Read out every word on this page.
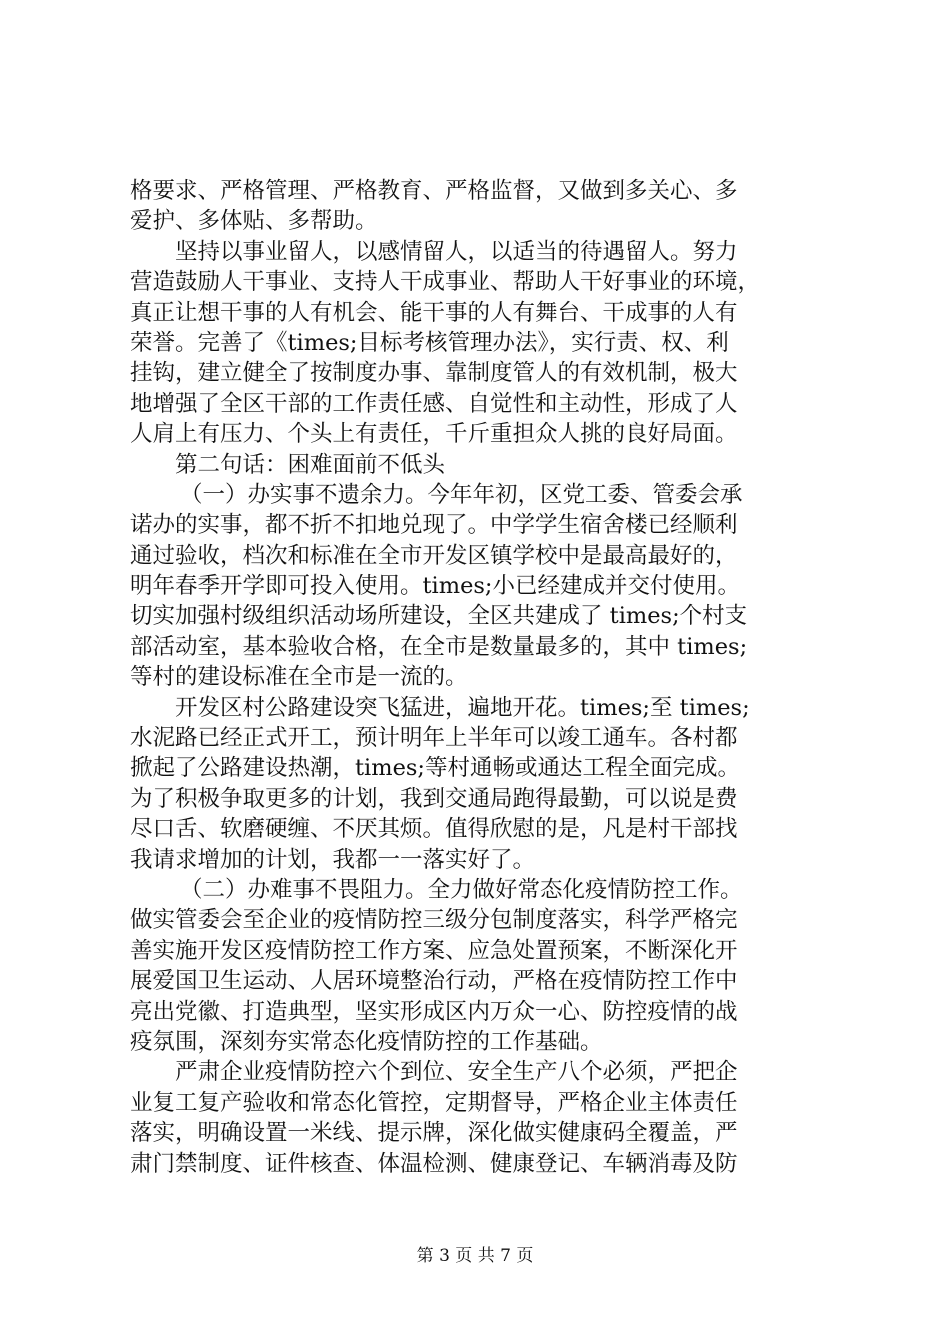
格要求、严格管理、严格教育、严格监督，又做到多关心、多
爱护、多体贴、多帮助。
坚持以事业留人，以感情留人，以适当的待遇留人。努力
营造鼓励人干事业、支持人干成事业、帮助人干好事业的环境，
真正让想干事的人有机会、能干事的人有舞台、干成事的人有
荣誉。完善了《times;目标考核管理办法》，实行责、权、利
挂钩，建立健全了按制度办事、靠制度管人的有效机制，极大
地增强了全区干部的工作责任感、自觉性和主动性，形成了人
人肩上有压力、个头上有责任，千斤重担众人挑的良好局面。
第二句话：困难面前不低头
（一）办实事不遗余力。今年年初，区党工委、管委会承
诺办的实事，都不折不扣地兑现了。中学学生宿舍楼已经顺利
通过验收，档次和标准在全市开发区镇学校中是最高最好的，
明年春季开学即可投入使用。times;小已经建成并交付使用。
切实加强村级组织活动场所建设，全区共建成了 times;个村支
部活动室，基本验收合格，在全市是数量最多的，其中 times;
等村的建设标准在全市是一流的。
开发区村公路建设突飞猛进，遍地开花。times;至 times;
水泥路已经正式开工，预计明年上半年可以竣工通车。各村都
掀起了公路建设热潮，times;等村通畅或通达工程全面完成。
为了积极争取更多的计划，我到交通局跑得最勤，可以说是费
尽口舌、软磨硬缠、不厌其烦。值得欣慰的是，凡是村干部找
我请求增加的计划，我都一一落实好了。
（二）办难事不畏阻力。全力做好常态化疫情防控工作。
做实管委会至企业的疫情防控三级分包制度落实，科学严格完
善实施开发区疫情防控工作方案、应急处置预案，不断深化开
展爱国卫生运动、人居环境整治行动，严格在疫情防控工作中
亮出党徽、打造典型，坚实形成区内万众一心、防控疫情的战
疫氛围，深刻夯实常态化疫情防控的工作基础。
严肃企业疫情防控六个到位、安全生产八个必须，严把企
业复工复产验收和常态化管控，定期督导，严格企业主体责任
落实，明确设置一米线、提示牌，深化做实健康码全覆盖，严
肃门禁制度、证件核查、体温检测、健康登记、车辆消毒及防
第 3 页 共 7 页
